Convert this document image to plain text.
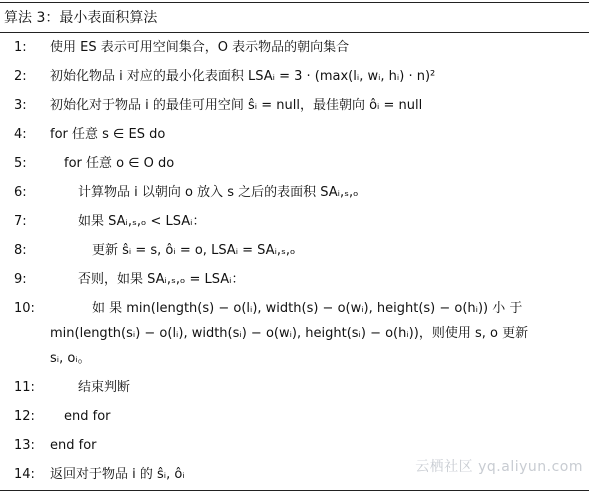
算法 3：最小表面积算法
1:	使用 ES 表示可用空间集合，O 表示物品的朝向集合
2:	初始化物品 i 对应的最小化表面积 LSAᵢ = 3 · (max(lᵢ, wᵢ, hᵢ) · n)²
3:	初始化对于物品 i 的最佳可用空间 ŝᵢ = null，最佳朝向 ôᵢ = null
4:	for 任意 s ∈ ES do
5:	for 任意 o ∈ O do
6:	计算物品 i 以朝向 o 放入 s 之后的表面积 SAᵢ,ₛ,ₒ
7:	如果 SAᵢ,ₛ,ₒ < LSAᵢ：
8:	更新 ŝᵢ = s, ôᵢ = o, LSAᵢ = SAᵢ,ₛ,ₒ
9:	否则，如果 SAᵢ,ₛ,ₒ = LSAᵢ：
10:	如 果 min(length(s) − o(lᵢ), width(s) − o(wᵢ), height(s) − o(hᵢ)) 小 于
min(length(sᵢ) − o(lᵢ), width(sᵢ) − o(wᵢ), height(sᵢ) − o(hᵢ))，则使用 s, o 更新
sᵢ, oᵢ。
11:	结束判断
12:	end for
13:	end for
14:	返回对于物品 i 的 ŝᵢ, ôᵢ	云栖社区 yq.aliyun.com
